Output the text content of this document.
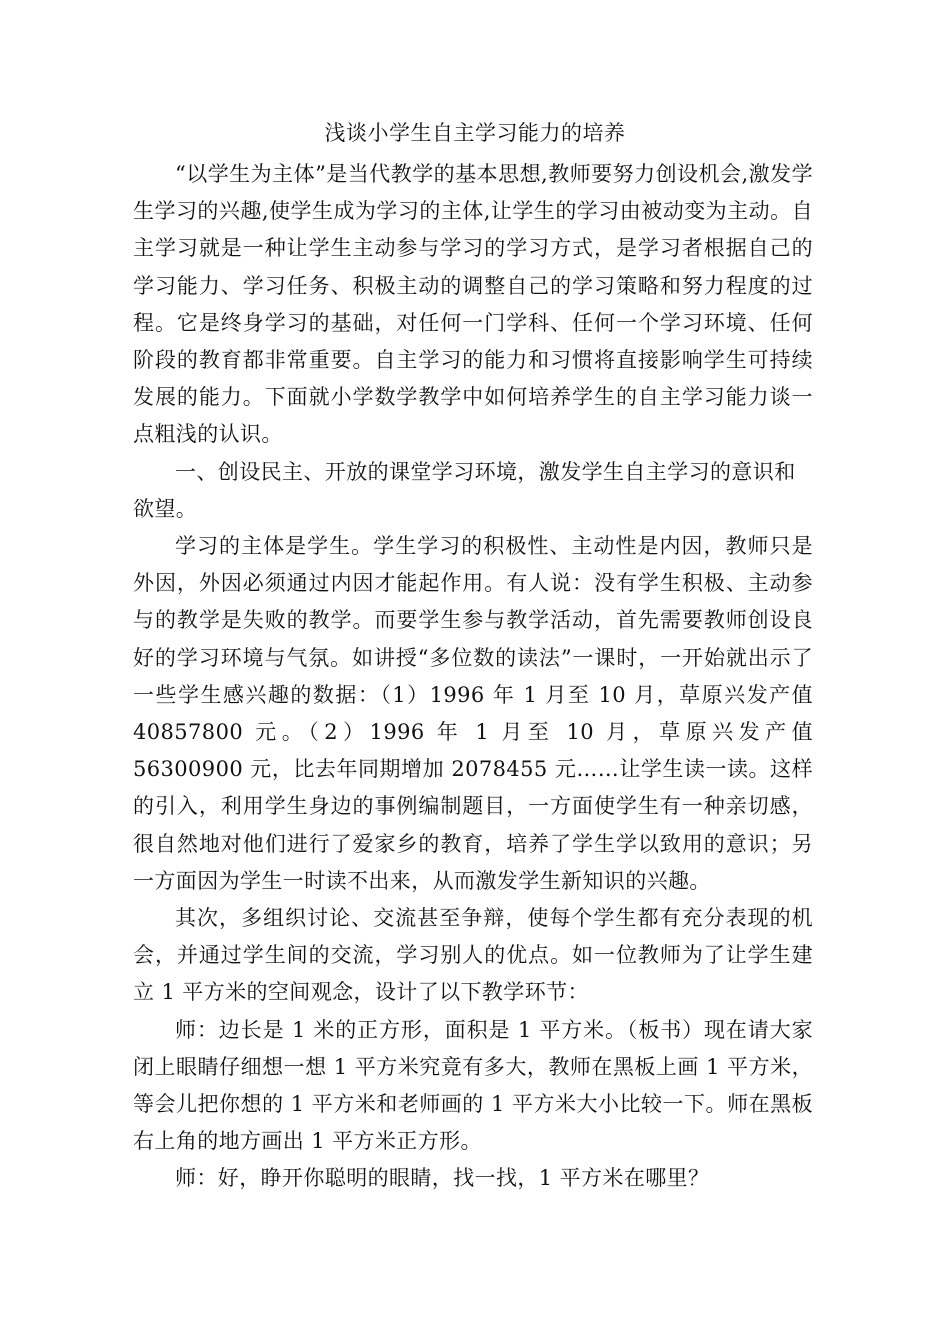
浅谈小学生自主学习能力的培养

“以学生为主体”是当代教学的基本思想,教师要努力创设机会,激发学生学习的兴趣,使学生成为学习的主体,让学生的学习由被动变为主动。自主学习就是一种让学生主动参与学习的学习方式，是学习者根据自己的学习能力、学习任务、积极主动的调整自己的学习策略和努力程度的过程。它是终身学习的基础，对任何一门学科、任何一个学习环境、任何阶段的教育都非常重要。自主学习的能力和习惯将直接影响学生可持续发展的能力。下面就小学数学教学中如何培养学生的自主学习能力谈一点粗浅的认识。

一、创设民主、开放的课堂学习环境，激发学生自主学习的意识和欲望。

学习的主体是学生。学生学习的积极性、主动性是内因，教师只是外因，外因必须通过内因才能起作用。有人说：没有学生积极、主动参与的教学是失败的教学。而要学生参与教学活动，首先需要教师创设良好的学习环境与气氛。如讲授“多位数的读法”一课时，一开始就出示了一些学生感兴趣的数据：（1）1996 年 1 月至 10 月，草原兴发产值 40857800 元。（2）1996 年 1 月至 10 月，草原兴发产值 56300900 元，比去年同期增加 2078455 元……让学生读一读。这样的引入，利用学生身边的事例编制题目，一方面使学生有一种亲切感，很自然地对他们进行了爱家乡的教育，培养了学生学以致用的意识；另一方面因为学生一时读不出来，从而激发学生新知识的兴趣。

其次，多组织讨论、交流甚至争辩，使每个学生都有充分表现的机会，并通过学生间的交流，学习别人的优点。如一位教师为了让学生建立 1 平方米的空间观念，设计了以下教学环节：

师：边长是 1 米的正方形，面积是 1 平方米。（板书）现在请大家闭上眼睛仔细想一想 1 平方米究竟有多大，教师在黑板上画 1 平方米，等会儿把你想的 1 平方米和老师画的 1 平方米大小比较一下。师在黑板右上角的地方画出 1 平方米正方形。

师：好，睁开你聪明的眼睛，找一找，1 平方米在哪里？
